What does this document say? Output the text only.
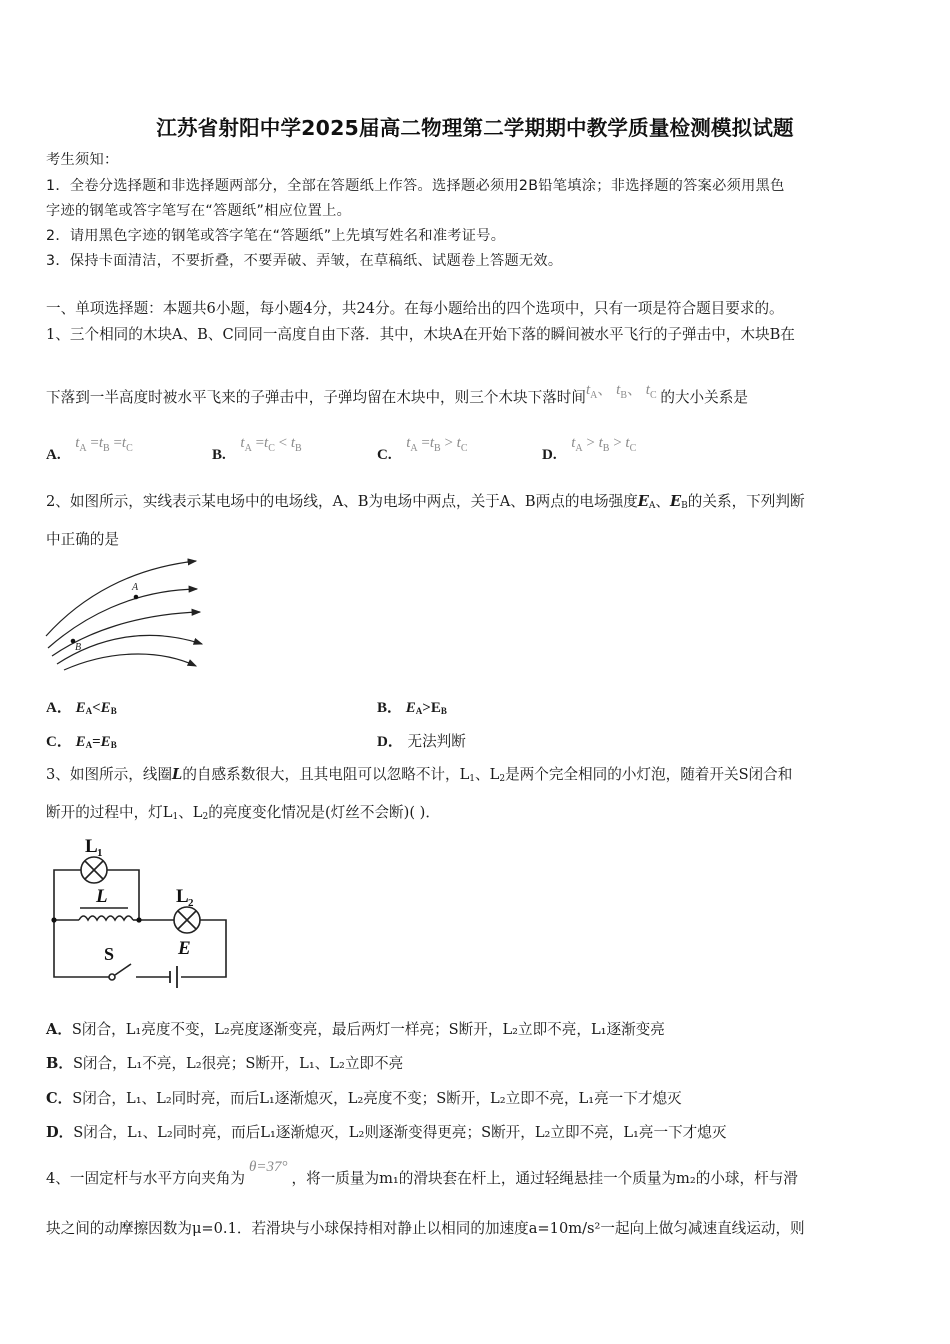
江苏省射阳中学2025届高二物理第二学期期中教学质量检测模拟试题
考生须知：
1．全卷分选择题和非选择题两部分，全部在答题纸上作答。选择题必须用2B铅笔填涂；非选择题的答案必须用黑色
字迹的钢笔或答字笔写在“答题纸”相应位置上。
2．请用黑色字迹的钢笔或答字笔在“答题纸”上先填写姓名和准考证号。
3．保持卡面清洁，不要折叠，不要弄破、弄皱，在草稿纸、试题卷上答题无效。
一、单项选择题：本题共6小题，每小题4分，共24分。在每小题给出的四个选项中，只有一项是符合题目要求的。
1、三个相同的木块A、B、C同同一高度自由下落．其中，木块A在开始下落的瞬间被水平飞行的子弹击中，木块B在
下落到一半高度时被水平飞来的子弹击中，子弹均留在木块中，则三个木块下落时间$t_A$、 $t_B$、 $t_C$ 的大小关系是
A. $t_A =t_B =t_C$	B. $t_A =t_C < t_B$	C. $t_A =t_B > t_C$	D. $t_A > t_B > t_C$
2、如图所示，实线表示某电场中的电场线，A、B为电场中两点，关于A、B两点的电场强度$E_A$、$E_B$的关系，下列判断
中正确的是
A
B
A． $E_A<E_B$	B． $E_A>E_B$
C． $E_A=E_B$	D． 无法判断
3、如图所示，线圈L的自感系数很大，且其电阻可以忽略不计，$L_1$、$L_2$是两个完全相同的小灯泡，随着开关S闭合和
断开的过程中，灯$L_1$、$L_2$的亮度变化情况是(灯丝不会断)( )．
L 1
L	L 2
E
S
A．S闭合，L₁亮度不变，L₂亮度逐渐变亮，最后两灯一样亮；S断开，L₂立即不亮，L₁逐渐变亮
B．S闭合，L₁不亮，L₂很亮；S断开，L₁、L₂立即不亮
C．S闭合，L₁、L₂同时亮，而后L₁逐渐熄灭，L₂亮度不变；S断开，L₂立即不亮，L₁亮一下才熄灭
D．S闭合，L₁、L₂同时亮，而后L₁逐渐熄灭，L₂则逐渐变得更亮；S断开，L₂立即不亮，L₁亮一下才熄灭
4、一固定杆与水平方向夹角为θ=37°，将一质量为m₁的滑块套在杆上，通过轻绳悬挂一个质量为m₂的小球，杆与滑
块之间的动摩擦因数为μ=0.1．若滑块与小球保持相对静止以相同的加速度a=10m/s²一起向上做匀减速直线运动，则
